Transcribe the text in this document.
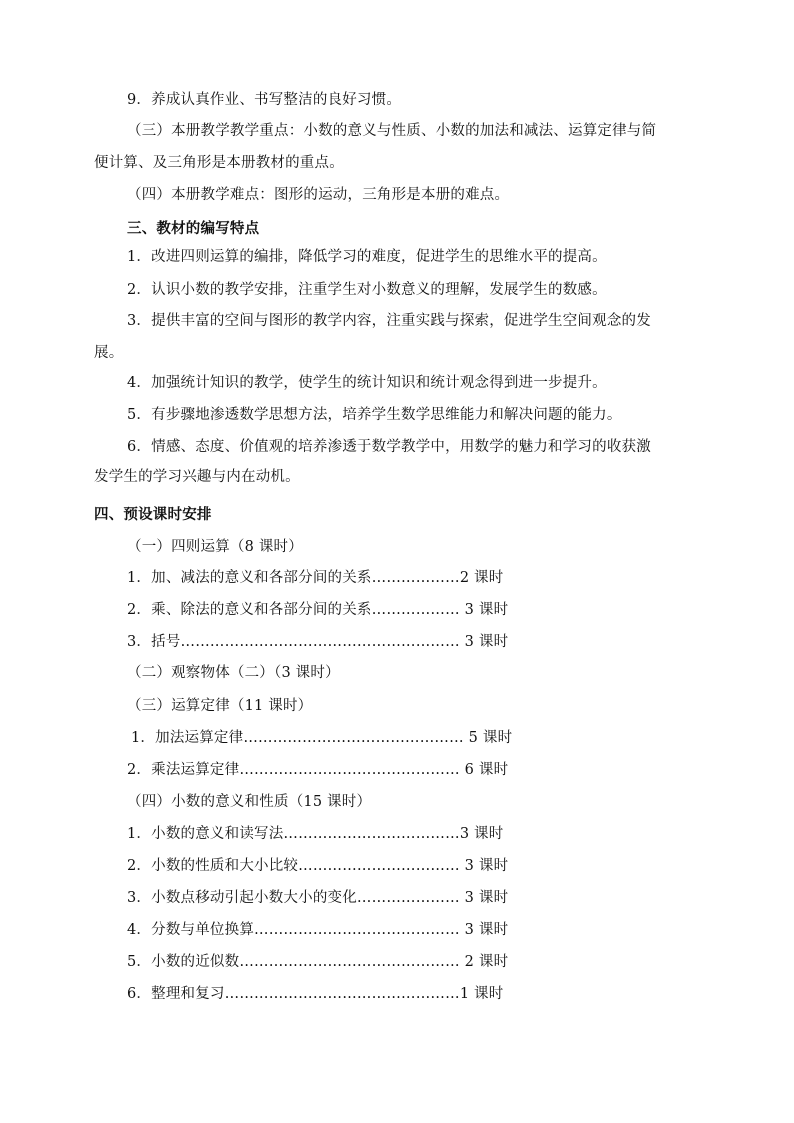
9．养成认真作业、书写整洁的良好习惯。
（三）本册教学教学重点：小数的意义与性质、小数的加法和减法、运算定律与简
便计算、及三角形是本册教材的重点。
（四）本册教学难点：图形的运动，三角形是本册的难点。
三、教材的编写特点
1．改进四则运算的编排，降低学习的难度，促进学生的思维水平的提高。
2．认识小数的教学安排，注重学生对小数意义的理解，发展学生的数感。
3．提供丰富的空间与图形的教学内容，注重实践与探索，促进学生空间观念的发
展。
4．加强统计知识的教学，使学生的统计知识和统计观念得到进一步提升。
5．有步骤地渗透数学思想方法，培养学生数学思维能力和解决问题的能力。
6．情感、态度、价值观的培养渗透于数学教学中，用数学的魅力和学习的收获激
发学生的学习兴趣与内在动机。
四、预设课时安排
（一）四则运算（8 课时）
1．加、减法的意义和各部分间的关系………………2 课时
2．乘、除法的意义和各部分间的关系……………… 3 课时
3．括号………………………………………………… 3 课时
（二）观察物体（二）（3 课时）
（三）运算定律（11 课时）
1．加法运算定律……………………………………… 5 课时
2．乘法运算定律……………………………………… 6 课时
（四）小数的意义和性质（15 课时）
1．小数的意义和读写法………………………………3 课时
2．小数的性质和大小比较…………………………… 3 课时
3．小数点移动引起小数大小的变化………………… 3 课时
4．分数与单位换算…………………………………… 3 课时
5．小数的近似数……………………………………… 2 课时
6．整理和复习…………………………………………1 课时
